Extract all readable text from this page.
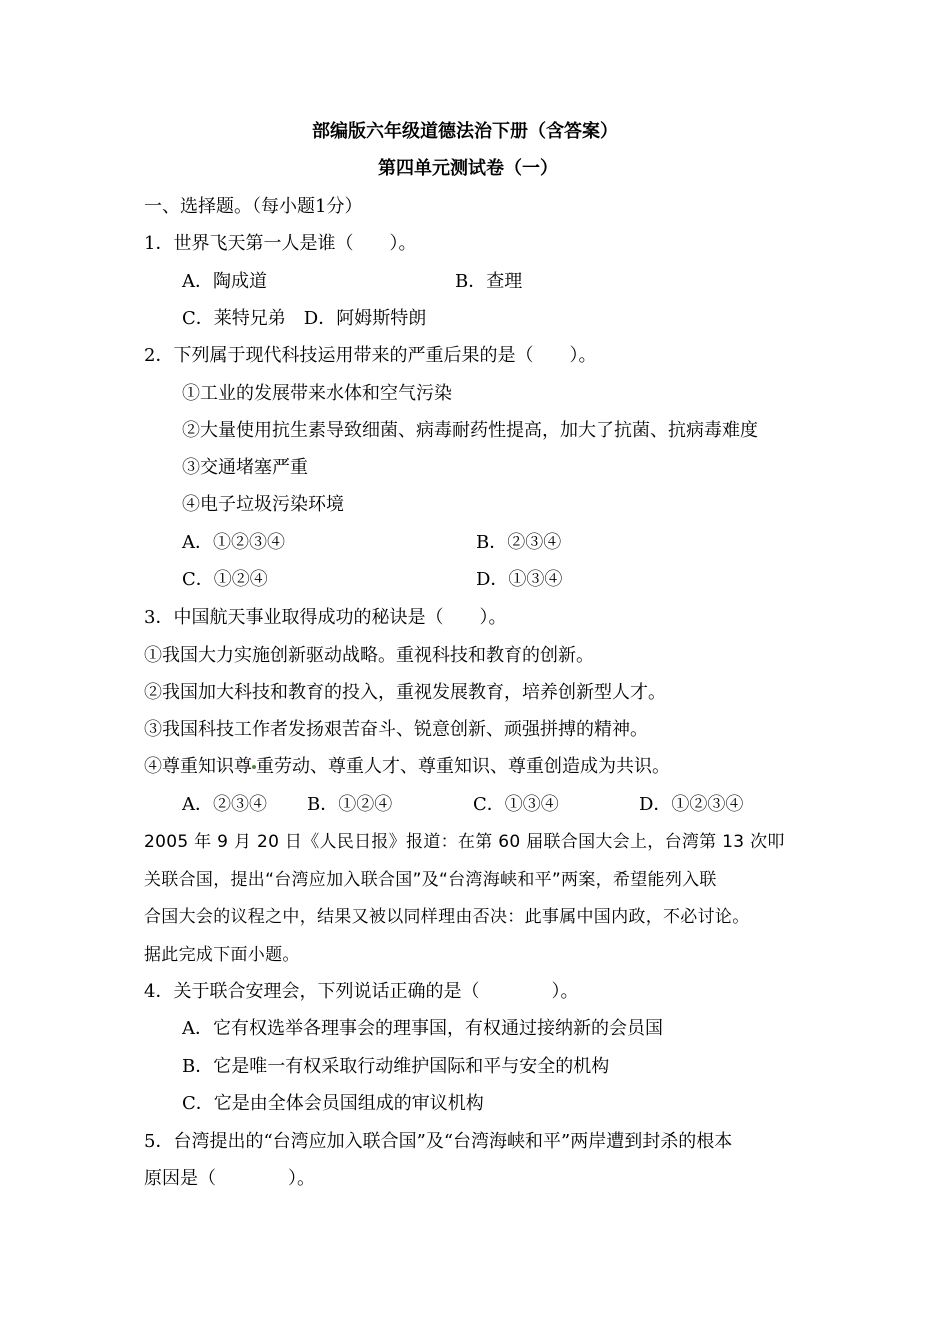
部编版六年级道德法治下册（含答案）
第四单元测试卷（一）
一、选择题。（每小题1分）
1．世界飞天第一人是谁（　　）。
A．陶成道	B．查理
C．莱特兄弟　D．阿姆斯特朗
2．下列属于现代科技运用带来的严重后果的是（　　）。
①工业的发展带来水体和空气污染
②大量使用抗生素导致细菌、病毒耐药性提高，加大了抗菌、抗病毒难度
③交通堵塞严重
④电子垃圾污染环境
A．①②③④	B．②③④
C．①②④	D．①③④
3．中国航天事业取得成功的秘诀是（　　）。
①我国大力实施创新驱动战略。重视科技和教育的创新。
②我国加大科技和教育的投入，重视发展教育，培养创新型人才。
③我国科技工作者发扬艰苦奋斗、锐意创新、顽强拼搏的精神。
④尊重知识尊 重劳动、尊重人才、尊重知识、尊重创造成为共识。
A．②③④ B．①②④	C．①③④	D．①②③④
2005 年 9 月 20 日《人民日报》报道：在第 60 届联合国大会上，台湾第 13 次叩
关联合国，提出“台湾应加入联合国”及“台湾海峡和平”两案，希望能列入联
合国大会的议程之中，结果又被以同样理由否决：此事属中国内政，不必讨论。
据此完成下面小题。
4．关于联合安理会，下列说话正确的是（　　　　）。
A．它有权选举各理事会的理事国，有权通过接纳新的会员国
B．它是唯一有权采取行动维护国际和平与安全的机构
C．它是由全体会员国组成的审议机构
5．台湾提出的“台湾应加入联合国”及“台湾海峡和平”两岸遭到封杀的根本
原因是（　　　　）。
